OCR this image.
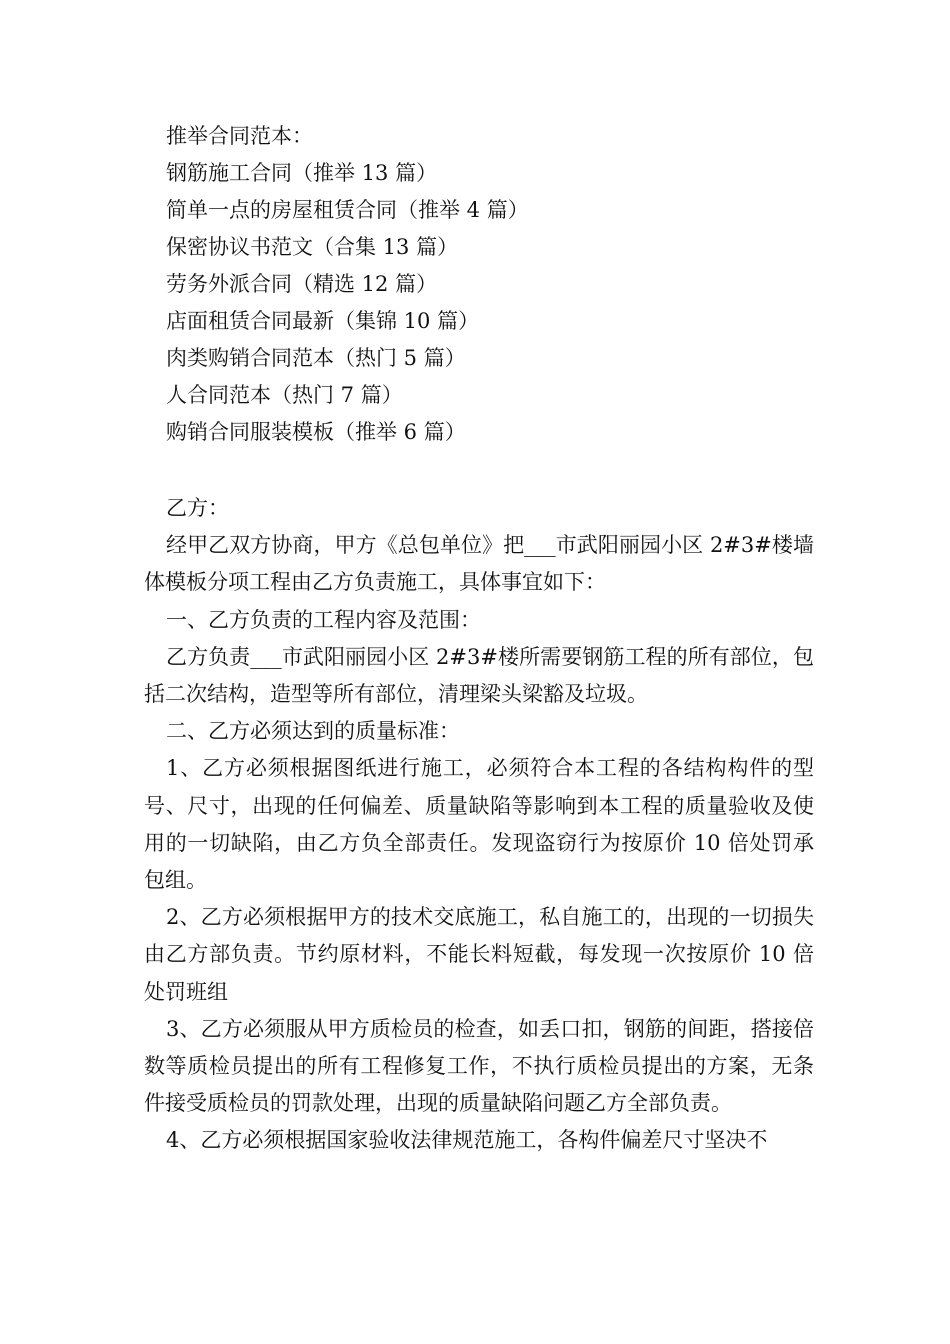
推举合同范本：
钢筋施工合同（推举 13 篇）
简单一点的房屋租赁合同（推举 4 篇）
保密协议书范文（合集 13 篇）
劳务外派合同（精选 12 篇）
店面租赁合同最新（集锦 10 篇）
肉类购销合同范本（热门 5 篇）
人合同范本（热门 7 篇）
购销合同服装模板（推举 6 篇）

乙方：

经甲乙双方协商，甲方《总包单位》把___市武阳丽园小区 2#3#楼墙体模板分项工程由乙方负责施工，具体事宜如下：

一、乙方负责的工程内容及范围：

乙方负责___市武阳丽园小区 2#3#楼所需要钢筋工程的所有部位，包括二次结构，造型等所有部位，清理梁头梁豁及垃圾。

二、乙方必须达到的质量标准：

1、乙方必须根据图纸进行施工，必须符合本工程的各结构构件的型号、尺寸，出现的任何偏差、质量缺陷等影响到本工程的质量验收及使用的一切缺陷，由乙方负全部责任。发现盗窃行为按原价 10 倍处罚承包组。

2、乙方必须根据甲方的技术交底施工，私自施工的，出现的一切损失由乙方部负责。节约原材料，不能长料短截，每发现一次按原价 10 倍处罚班组

3、乙方必须服从甲方质检员的检查，如丢口扣，钢筋的间距，搭接倍数等质检员提出的所有工程修复工作，不执行质检员提出的方案，无条件接受质检员的罚款处理，出现的质量缺陷问题乙方全部负责。

4、乙方必须根据国家验收法律规范施工，各构件偏差尺寸坚决不
